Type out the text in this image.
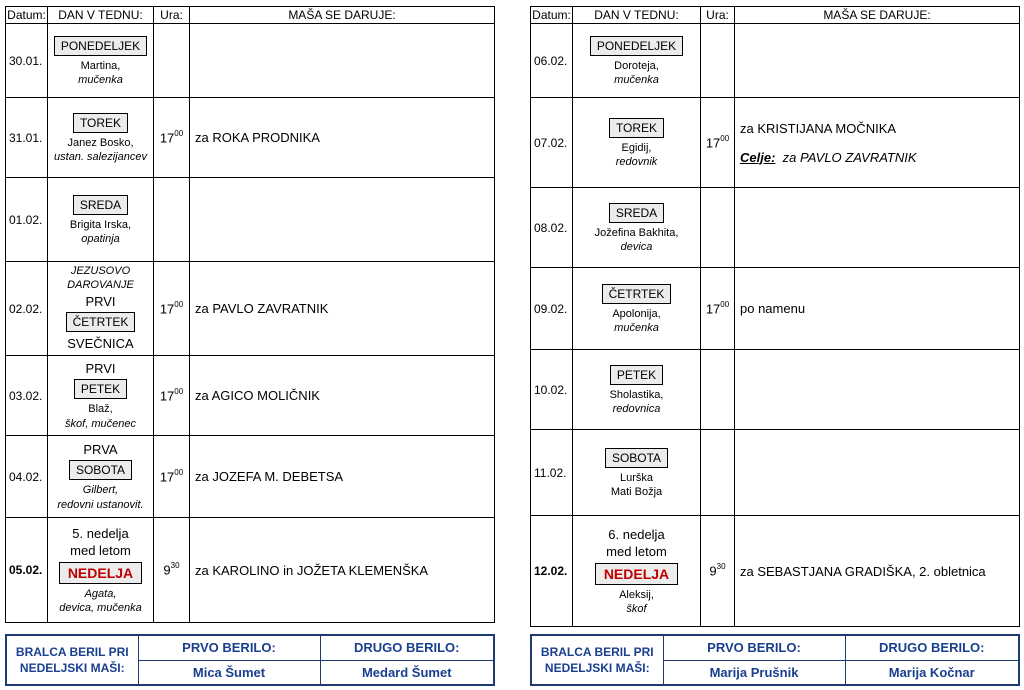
Datum:	DAN V TEDNU:	Ura:	MAŠA SE DARUJE:
30.01.	PONEDELJEK
Martina,
mučenka		
31.01.	TOREK
Janez Bosko,
ustan. salezijancev	$17^{00}$	za ROKA PRODNIKA
01.02.	SREDA
Brigita Irska,
opatinja		
02.02.	JEZUSOVO
DAROVANJE
PRVI
ČETRTEK
SVEČNICA	$17^{00}$	za PAVLO ZAVRATNIK
03.02.	PRVI
PETEK
Blaž,
škof, mučenec	$17^{00}$	za AGICO MOLIČNIK
04.02.	PRVA
SOBOTA
Gilbert,
redovni ustanovit.	$17^{00}$	za JOZEFA M. DEBETSA
05.02.	5. nedelja
med letom
NEDELJA
Agata,
devica, mučenka	$9^{30}$	za KAROLINO in JOŽETA KLEMENŠKA
Datum:	DAN V TEDNU:	Ura:	MAŠA SE DARUJE:
06.02.	PONEDELJEK
Doroteja,
mučenka		
07.02.	TOREK
Egidij,
redovnik	$17^{00}$	za KRISTIJANA MOČNIKA
Celje: za PAVLO ZAVRATNIK

08.02.	SREDA
Jožefina Bakhita,
devica		
09.02.	ČETRTEK
Apolonija,
mučenka	$17^{00}$	po namenu
10.02.	PETEK
Sholastika,
redovnica		
11.02.	SOBOTA
Lurška
Mati Božja		
12.02.	6. nedelja
med letom
NEDELJA
Aleksij,
škof	$9^{30}$	za SEBASTJANA GRADIŠKA, 2. obletnica
BRALCA BERIL PRI
NEDELJSKI MAŠI:	PRVO BERILO:	DRUGO BERILO:
	Mica Šumet	Medard Šumet
BRALCA BERIL PRI
NEDELJSKI MAŠI:	PRVO BERILO:	DRUGO BERILO:
	Marija Prušnik	Marija Kočnar
